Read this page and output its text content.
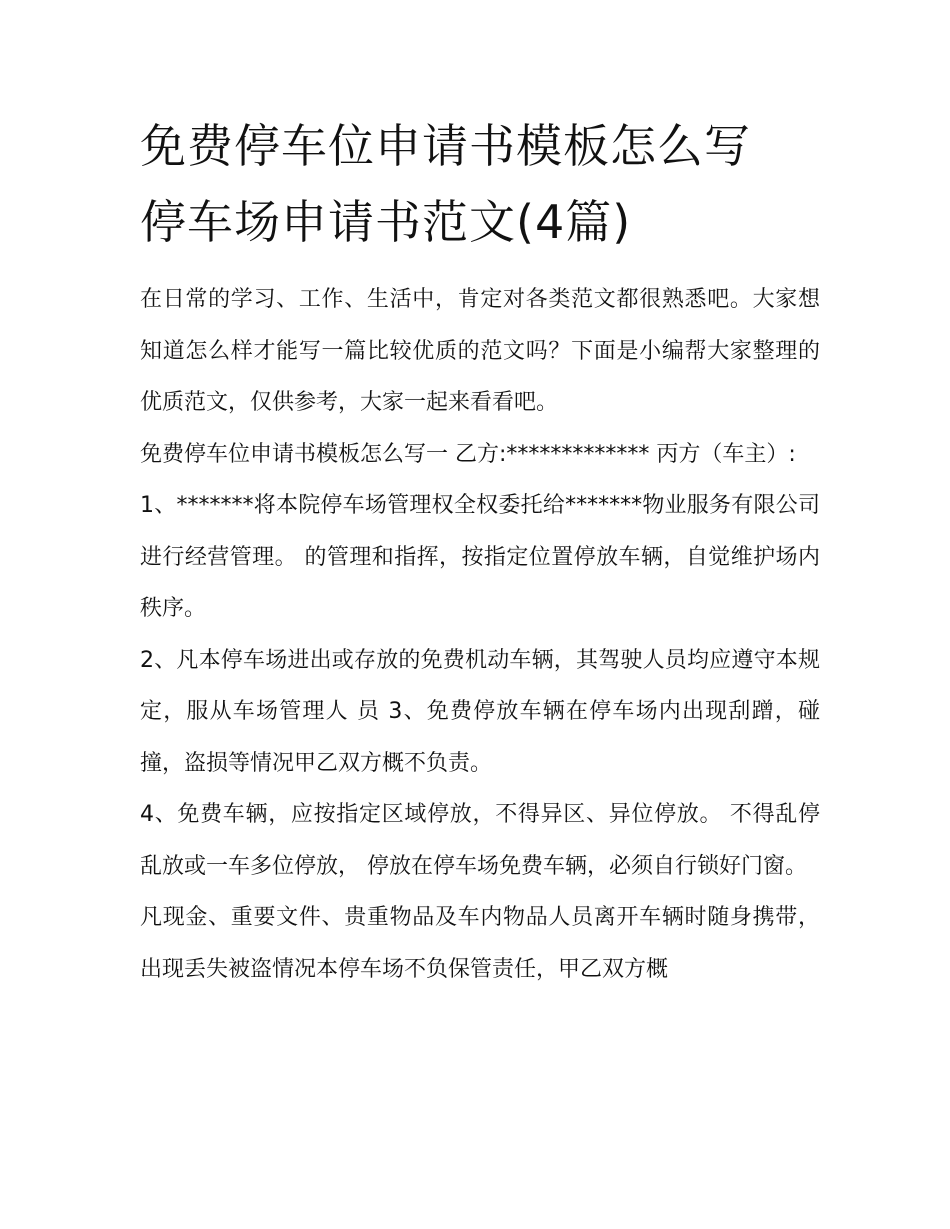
免费停车位申请书模板怎么写
停车场申请书范文(4篇)

在日常的学习、工作、生活中，肯定对各类范文都很熟悉吧。大家想知道怎么样才能写一篇比较优质的范文吗？下面是小编帮大家整理的优质范文，仅供参考，大家一起来看看吧。

免费停车位申请书模板怎么写一 乙方:************* 丙方（车主）:

1、*******将本院停车场管理权全权委托给*******物业服务有限公司进行经营管理。 的管理和指挥，按指定位置停放车辆，自觉维护场内秩序。

2、凡本停车场进出或存放的免费机动车辆，其驾驶人员均应遵守本规定，服从车场管理人 员 3、免费停放车辆在停车场内出现刮蹭，碰撞，盗损等情况甲乙双方概不负责。

4、免费车辆，应按指定区域停放，不得异区、异位停放。 不得乱停乱放或一车多位停放， 停放在停车场免费车辆，必须自行锁好门窗。

凡现金、重要文件、贵重物品及车内物品人员离开车辆时随身携带，出现丢失被盗情况本停车场不负保管责任，甲乙双方概
